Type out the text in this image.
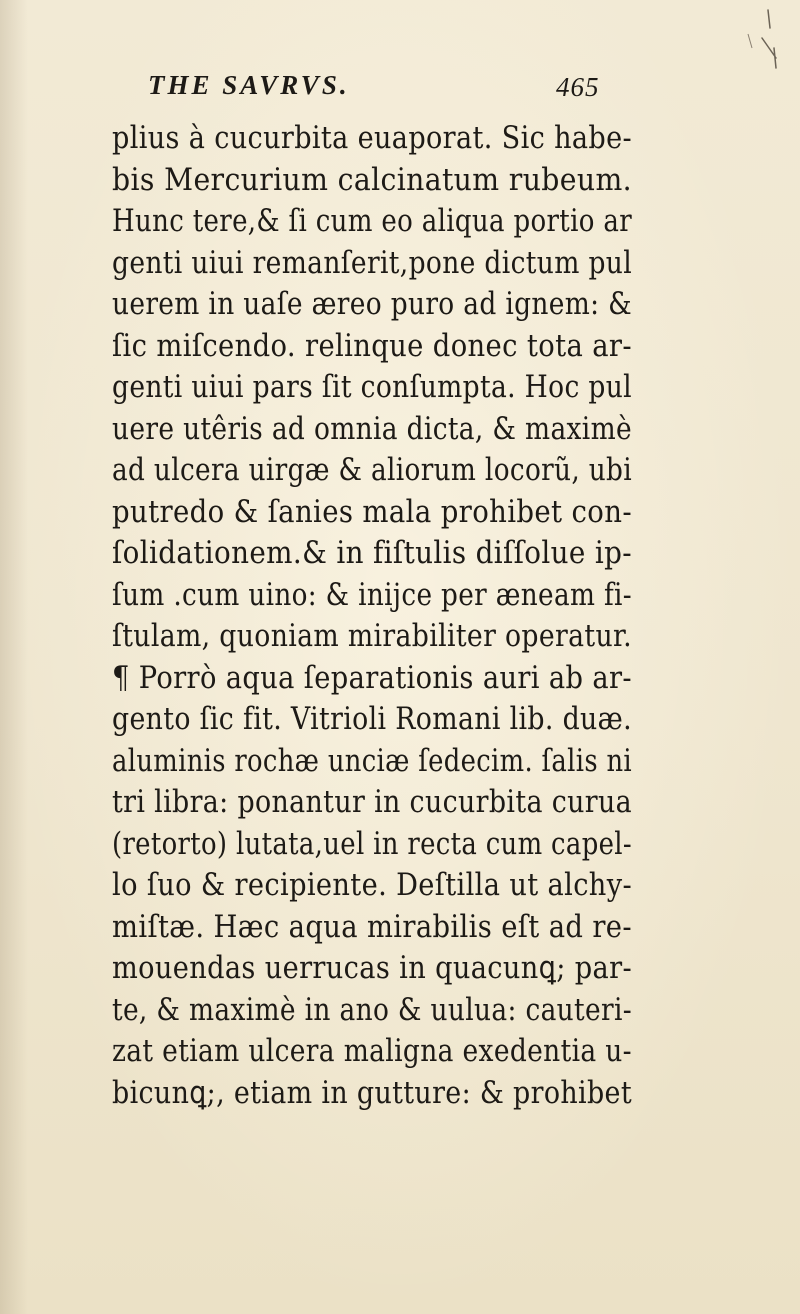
THE SAVRVS.	465
plius à cucurbita euaporat. Sic habe-
bis Mercurium calcinatum rubeum.
Hunc tere,& ſi cum eo aliqua portio ar
genti uiui remanſerit,pone dictum pul
uerem in uaſe æreo puro ad ignem: &
ſic miſcendo. relinque donec tota ar-
genti uiui pars ſit conſumpta. Hoc pul
uere utêris ad omnia dicta, & maximè
ad ulcera uirgæ & aliorum locorũ, ubi
putredo & ſanies mala prohibet con-
ſolidationem.& in fiſtulis diſſolue ip-
ſum .cum uino: & inijce per æneam fi-
ſtulam, quoniam mirabiliter operatur.
¶ Porrò aqua ſeparationis auri ab ar-
gento ſic fit. Vitrioli Romani lib. duæ.
aluminis rochæ unciæ ſedecim. ſalis ni
tri libra: ponantur in cucurbita curua
(retorto) lutata,uel in recta cum capel-
lo ſuo & recipiente. Deſtilla ut alchy-
miſtæ. Hæc aqua mirabilis eſt ad re-
mouendas uerrucas in quacunꝗ; par-
te, & maximè in ano & uulua: cauteri-
zat etiam ulcera maligna exedentia u-
bicunꝗ;, etiam in gutture: & prohibet
